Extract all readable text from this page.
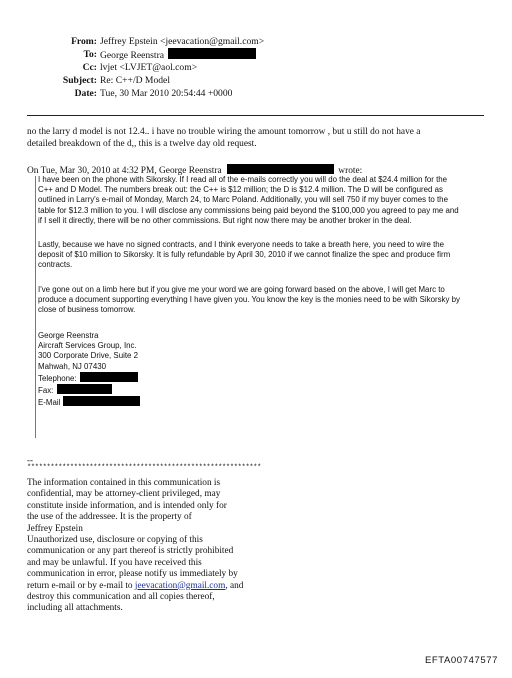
From: Jeffrey Epstein <jeevacation@gmail.com>
To: George Reenstra
Cc: lvjet <LVJET@aol.com>
Subject: Re: C++/D Model
Date: Tue, 30 Mar 2010 20:54:44 +0000
no the larry d model is not 12.4.. i have no trouble wiring the amount tomorrow , but u still do not have a
detailed breakdown of the d,, this is a twelve day old request.
On Tue, Mar 30, 2010 at 4:32 PM, George Reenstra	wrote:
I have been on the phone with Sikorsky. If I read all of the e-mails correctly you will do the deal at $24.4 million for the
C++ and D Model. The numbers break out: the C++ is $12 million; the D is $12.4 million. The D will be configured as
outlined in Larry's e-mail of Monday, March 24, to Marc Poland. Additionally, you will sell 750 if my buyer comes to the
table for $12.3 million to you. I will disclose any commissions being paid beyond the $100,000 you agreed to pay me and
if I sell it directly, there will be no other commissions. But right now there may be another broker in the deal.
Lastly, because we have no signed contracts, and I think everyone needs to take a breath here, you need to wire the
deposit of $10 million to Sikorsky. It is fully refundable by April 30, 2010 if we cannot finalize the spec and produce firm
contracts.
I've gone out on a limb here but if you give me your word we are going forward based on the above, I will get Marc to
produce a document supporting everything I have given you. You know the key is the monies need to be with Sikorsky by
close of business tomorrow.
George Reenstra
Aircraft Services Group, Inc.
300 Corporate Drive, Suite 2
Mahwah, NJ 07430
Telephone:
Fax:
E-Mail
--
************************************************************
The information contained in this communication is
confidential, may be attorney-client privileged, may
constitute inside information, and is intended only for
the use of the addressee. It is the property of
Jeffrey Epstein
Unauthorized use, disclosure or copying of this
communication or any part thereof is strictly prohibited
and may be unlawful. If you have received this
communication in error, please notify us immediately by
return e-mail or by e-mail to jeevacation@gmail.com, and
destroy this communication and all copies thereof,
including all attachments.
EFTA00747577
